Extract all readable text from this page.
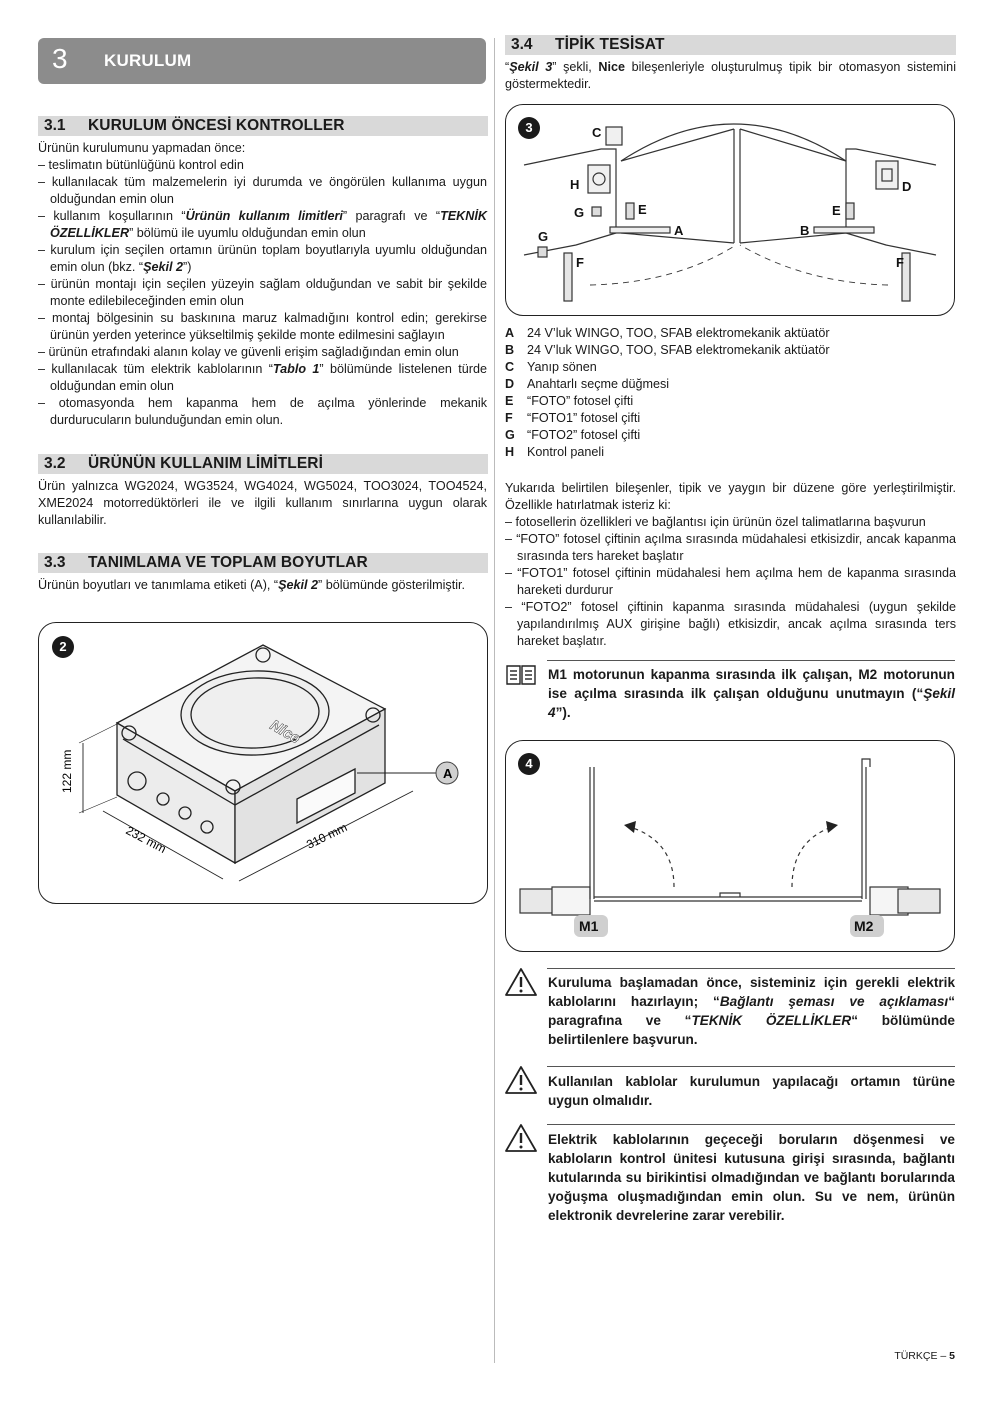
3 KURULUM
3.1 KURULUM ÖNCESİ KONTROLLER

Ürünün kurulumunu yapmadan önce:

– teslimatın bütünlüğünü kontrol edin

– kullanılacak tüm malzemelerin iyi durumda ve öngörülen kullanıma uygun olduğundan emin olun

– kullanım koşullarının “Ürünün kullanım limitleri” paragrafı ve “TEKNİK ÖZELLİKLER” bölümü ile uyumlu olduğundan emin olun

– kurulum için seçilen ortamın ürünün toplam boyutlarıyla uyumlu olduğundan emin olun (bkz. “Şekil 2”)

– ürünün montajı için seçilen yüzeyin sağlam olduğundan ve sabit bir şekilde monte edilebileceğinden emin olun

– montaj bölgesinin su baskınına maruz kalmadığını kontrol edin; gerekirse ürünün yerden yeterince yükseltilmiş şekilde monte edilmesini sağlayın

– ürünün etrafındaki alanın kolay ve güvenli erişim sağladığından emin olun

– kullanılacak tüm elektrik kablolarının “Tablo 1” bölümünde listelenen türde olduğundan emin olun

– otomasyonda hem kapanma hem de açılma yönlerinde mekanik durdurucuların bulunduğundan emin olun.

3.2 ÜRÜNÜN KULLANIM LİMİTLERİ
Ürün yalnızca WG2024, WG3524, WG4024, WG5024, TOO3024, TOO4524, XME2024 motorredüktörleri ile ve ilgili kullanım sınırlarına uygun olarak kullanılabilir.
3.3 TANIMLAMA VE TOPLAM BOYUTLAR
Ürünün boyutları ve tanımlama etiketi (A), “Şekil 2” bölümünde gösterilmiştir.
2
A
Nice
122 mm
232 mm	310 mm
3.4 TİPİK TESİSAT
“Şekil 3” şekli, Nice bileşenleriyle oluşturulmuş tipik bir otomasyon sistemini göstermektedir.
3	C
H
G	E
A	B
E
D
G
F	F
A 24 V’luk WINGO, TOO, SFAB elektromekanik aktüatör
B 24 V’luk WINGO, TOO, SFAB elektromekanik aktüatör
C Yanıp sönen
D Anahtarlı seçme düğmesi
E “FOTO” fotosel çifti
F “FOTO1” fotosel çifti
G “FOTO2” fotosel çifti
H Kontrol paneli

Yukarıda belirtilen bileşenler, tipik ve yaygın bir düzene göre yerleştirilmiştir. Özellikle hatırlatmak isteriz ki:

– fotosellerin özellikleri ve bağlantısı için ürünün özel talimatlarına başvurun

– “FOTO” fotosel çiftinin açılma sırasında müdahalesi etkisizdir, ancak kapanma sırasında ters hareket başlatır

– “FOTO1” fotosel çiftinin müdahalesi hem açılma hem de kapanma sırasında hareketi durdurur

– “FOTO2” fotosel çiftinin kapanma sırasında müdahalesi (uygun şekilde yapılandırılmış AUX girişine bağlı) etkisizdir, ancak açılma sırasında ters hareket başlatır.

M1 motorunun kapanma sırasında ilk çalışan, M2 motorunun ise açılma sırasında ilk çalışan olduğunu unutmayın (“Şekil 4”).
4
M1	M2
Kuruluma başlamadan önce, sisteminiz için gerekli elektrik kablolarını hazırlayın; “Bağlantı şeması ve açıklaması“ paragrafına ve “TEKNİK ÖZELLİKLER“ bölümünde belirtilenlere başvurun.
Kullanılan kablolar kurulumun yapılacağı ortamın türüne uygun olmalıdır.
Elektrik kablolarının geçeceği boruların döşenmesi ve kabloların kontrol ünitesi kutusuna girişi sırasında, bağlantı kutularında su birikintisi olmadığından ve bağlantı borularında yoğuşma oluşmadığından emin olun. Su ve nem, ürünün elektronik devrelerine zarar verebilir.
TÜRKÇE – 5
